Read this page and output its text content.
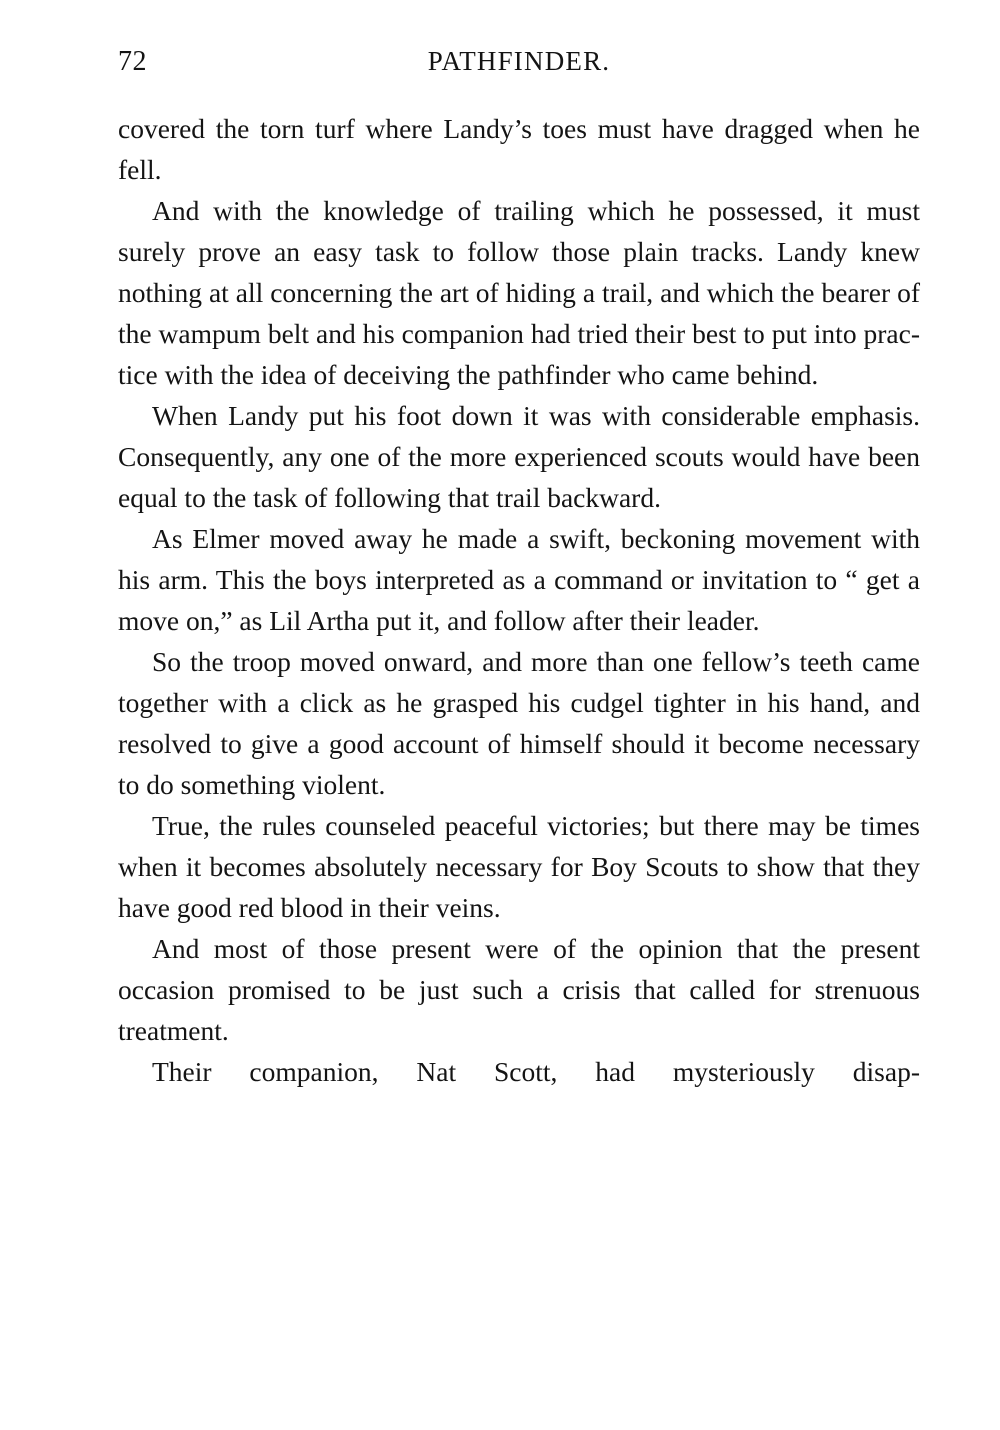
72	PATHFINDER.

covered the torn turf where Landy’s toes must have dragged when he fell.

And with the knowledge of trailing which he possessed, it must surely prove an easy task to follow those plain tracks. Landy knew nothing at all concerning the art of hiding a trail, and which the bearer of the wampum belt and his companion had tried their best to put into practice with the idea of deceiving the pathfinder who came behind.

When Landy put his foot down it was with considerable emphasis. Consequently, any one of the more experienced scouts would have been equal to the task of following that trail backward.

As Elmer moved away he made a swift, beckoning movement with his arm. This the boys interpreted as a command or invitation to “ get a move on,” as Lil Artha put it, and follow after their leader.

So the troop moved onward, and more than one fellow’s teeth came together with a click as he grasped his cudgel tighter in his hand, and resolved to give a good account of himself should it become necessary to do something violent.

True, the rules counseled peaceful victories; but there may be times when it becomes absolutely necessary for Boy Scouts to show that they have good red blood in their veins.

And most of those present were of the opinion that the present occasion promised to be just such a crisis that called for strenuous treatment.

Their companion, Nat Scott, had mysteriously disap-
